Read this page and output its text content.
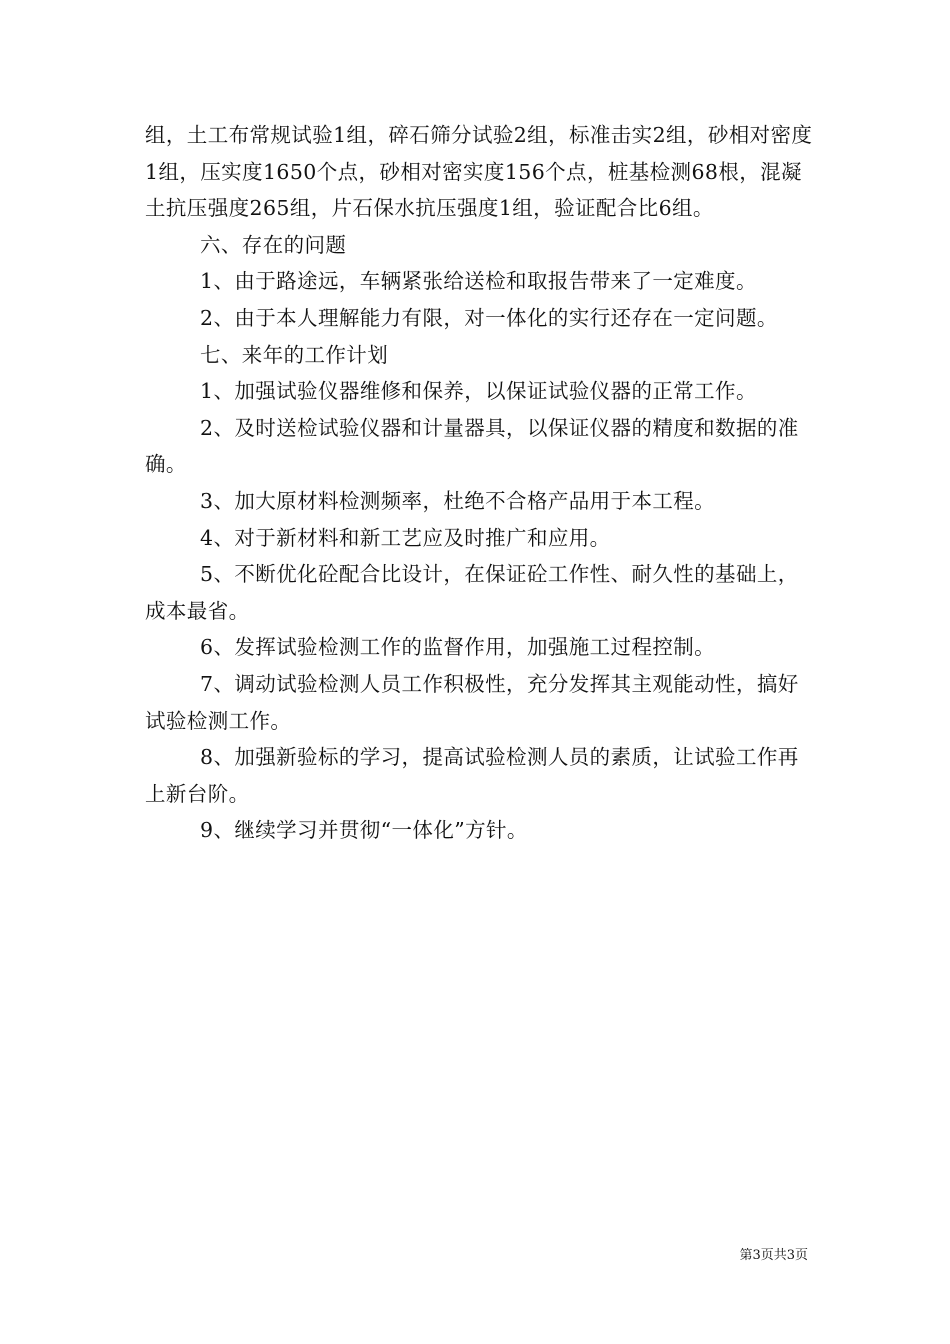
组，土工布常规试验1组，碎石筛分试验2组，标准击实2组，砂相对密度1组，压实度1650个点，砂相对密实度156个点，桩基检测68根，混凝土抗压强度265组，片石保水抗压强度1组，验证配合比6组。

六、存在的问题

1、由于路途远，车辆紧张给送检和取报告带来了一定难度。

2、由于本人理解能力有限，对一体化的实行还存在一定问题。

七、来年的工作计划

1、加强试验仪器维修和保养，以保证试验仪器的正常工作。

2、及时送检试验仪器和计量器具，以保证仪器的精度和数据的准确。

3、加大原材料检测频率，杜绝不合格产品用于本工程。

4、对于新材料和新工艺应及时推广和应用。

5、不断优化砼配合比设计，在保证砼工作性、耐久性的基础上，成本最省。

6、发挥试验检测工作的监督作用，加强施工过程控制。

7、调动试验检测人员工作积极性，充分发挥其主观能动性，搞好试验检测工作。

8、加强新验标的学习，提高试验检测人员的素质，让试验工作再上新台阶。

9、继续学习并贯彻“一体化”方针。

第3页共3页
